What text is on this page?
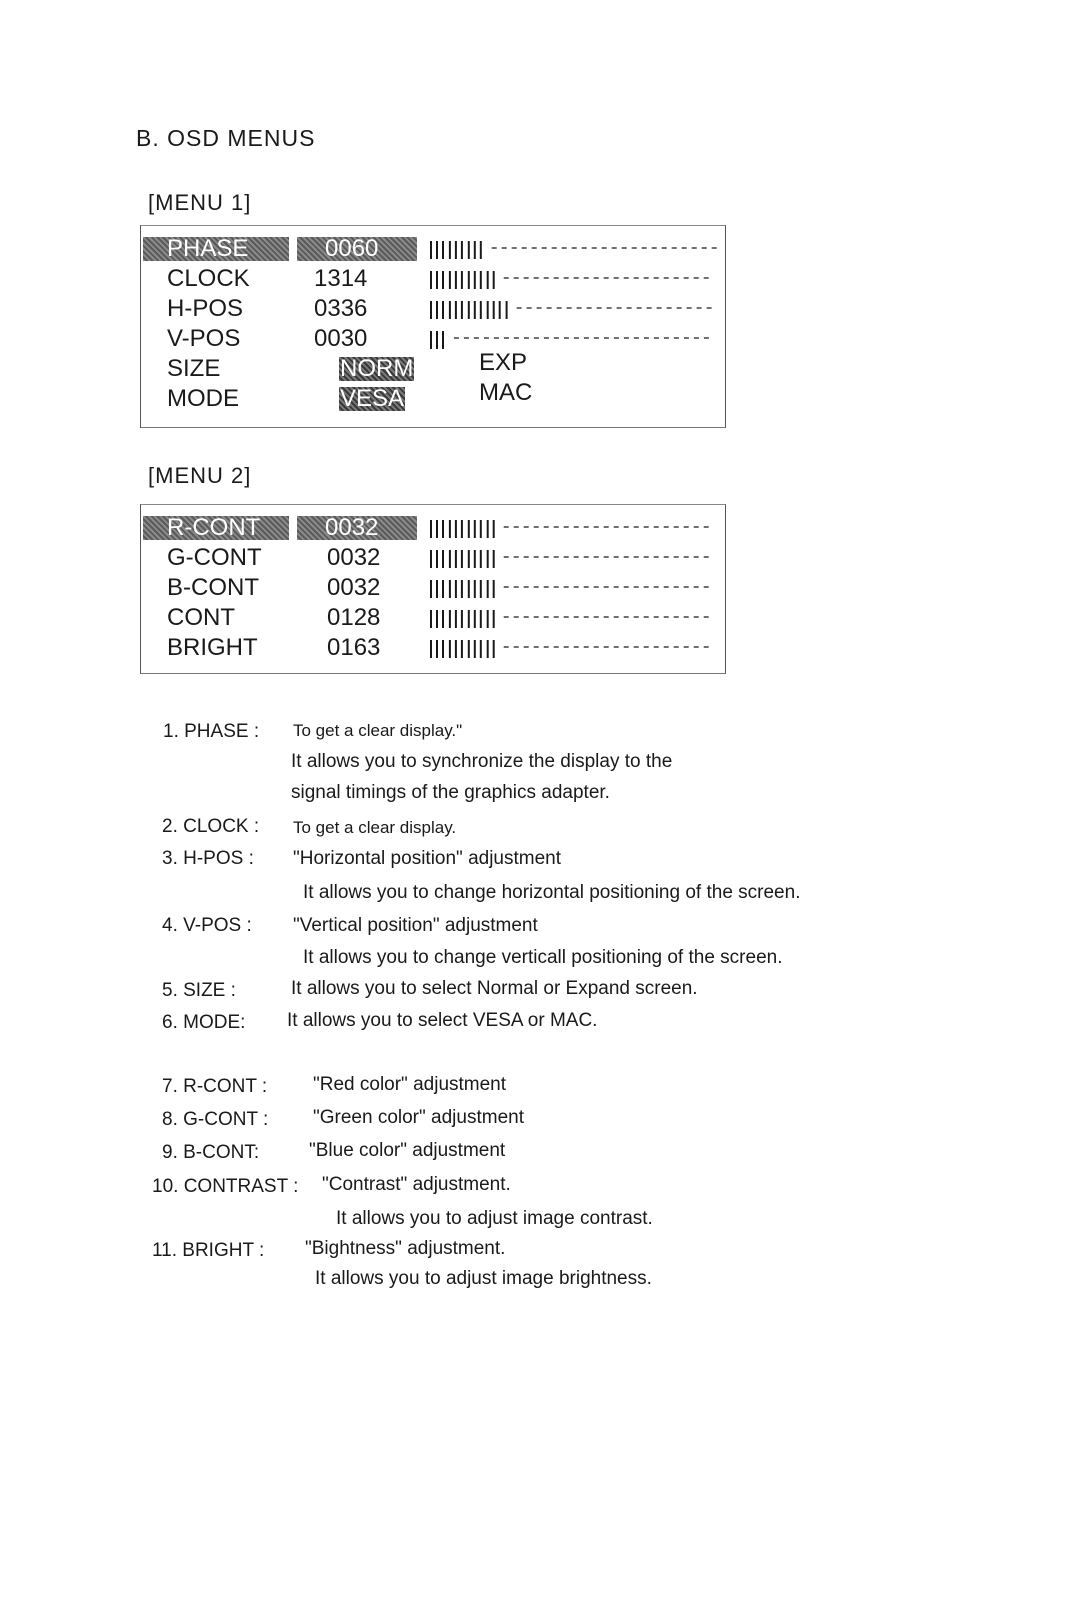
B. OSD MENUS
[MENU 1]
PHASE	0060
CLOCK	1314
H-POS	0336
V-POS	0030
SIZE	NORM	EXP
MODE	VESA	MAC
[MENU 2]
R-CONT	0032
G-CONT	0032
B-CONT	0032
CONT	0128
BRIGHT	0163
1. PHASE : To get a clear display."
It allows you to synchronize the display to the
signal timings of the graphics adapter.
2. CLOCK : To get a clear display.
3. H-POS : "Horizontal position" adjustment
It allows you to change horizontal positioning of the screen.
4. V-POS : "Vertical position" adjustment
It allows you to change verticall positioning of the screen.
5. SIZE :	It allows you to select Normal or Expand screen.
6. MODE: It allows you to select VESA or MAC.
7. R-CONT : "Red color" adjustment
8. G-CONT : "Green color" adjustment
9. B-CONT:	"Blue color" adjustment
10. CONTRAST : "Contrast" adjustment.
It allows you to adjust image contrast.
11. BRIGHT : "Bightness" adjustment.
It allows you to adjust image brightness.
